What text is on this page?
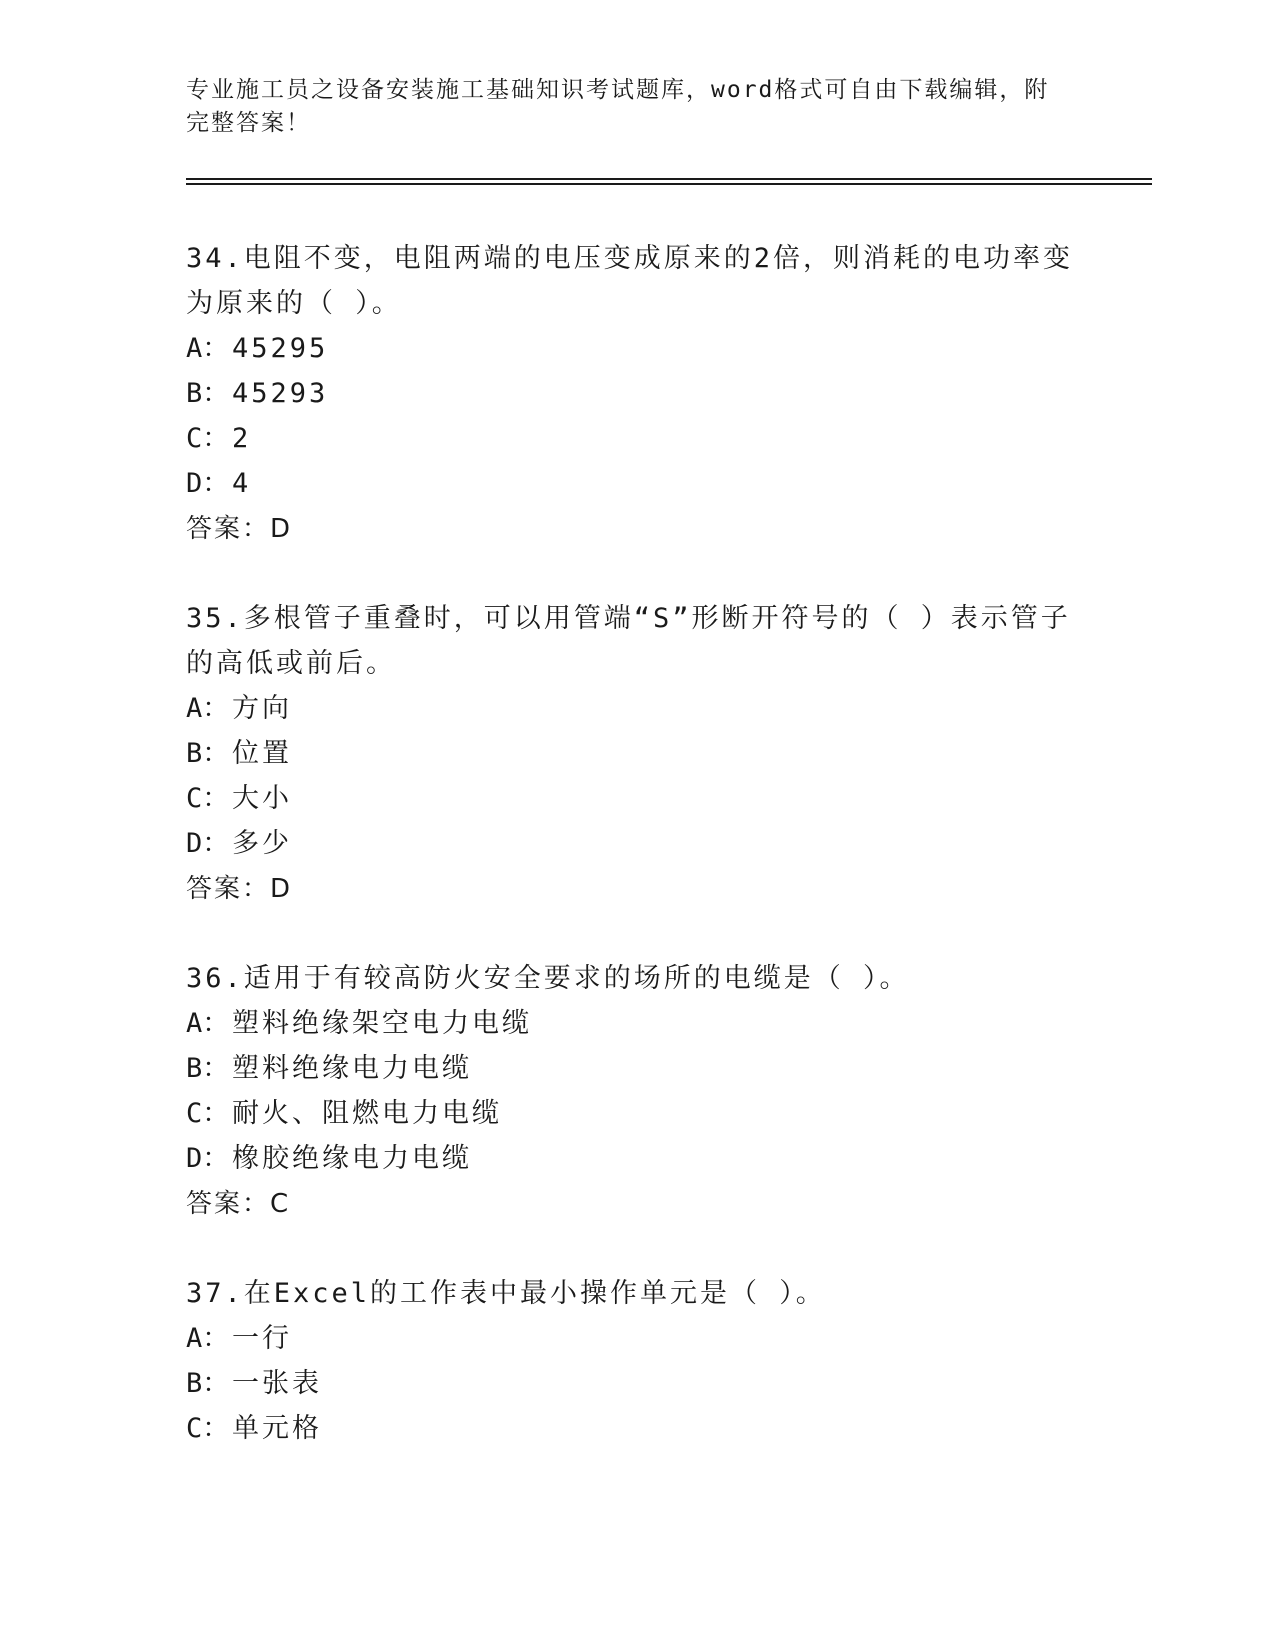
专业施工员之设备安装施工基础知识考试题库，word格式可自由下载编辑，附完整答案！

34.电阻不变，电阻两端的电压变成原来的2倍，则消耗的电功率变为原来的（ ）。

A： 45295

B： 45293

C： 2

D： 4

答案：D

35.多根管子重叠时，可以用管端“S”形断开符号的（ ）表示管子的高低或前后。

A： 方向

B： 位置

C： 大小

D： 多少

答案：D

36.适用于有较高防火安全要求的场所的电缆是（ ）。

A： 塑料绝缘架空电力电缆

B： 塑料绝缘电力电缆

C： 耐火、阻燃电力电缆

D： 橡胶绝缘电力电缆

答案：C

37.在Excel的工作表中最小操作单元是（ ）。

A： 一行

B： 一张表

C： 单元格
